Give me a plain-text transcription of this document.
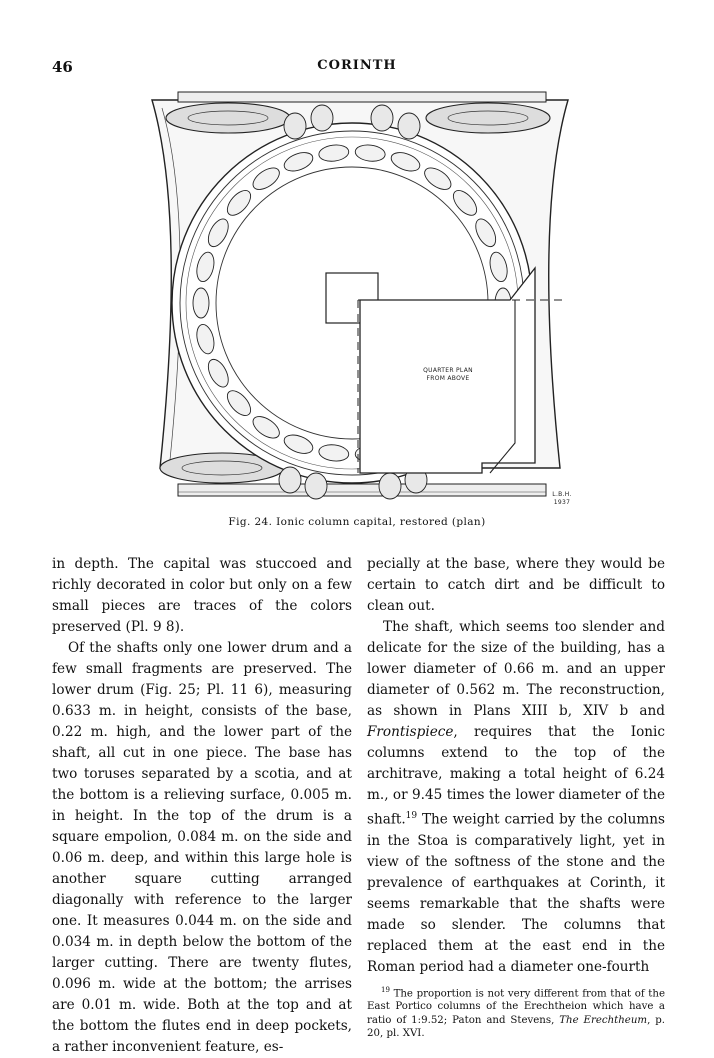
46	CORINTH
QUARTER PLAN
FROM ABOVE
L.B.H.
1937
Fig. 24. Ionic column capital, restored (plan)

in depth. The capital was stuccoed and richly decorated in color but only on a few small pieces are traces of the colors preserved (Pl. 9 8).

Of the shafts only one lower drum and a few small fragments are preserved. The lower drum (Fig. 25; Pl. 11 6), measuring 0.633 m. in height, consists of the base, 0.22 m. high, and the lower part of the shaft, all cut in one piece. The base has two toruses separated by a scotia, and at the bottom is a relieving surface, 0.005 m. in height. In the top of the drum is a square empolion, 0.084 m. on the side and 0.06 m. deep, and within this large hole is another square cutting arranged diagonally with reference to the larger one. It measures 0.044 m. on the side and 0.034 m. in depth below the bottom of the larger cutting. There are twenty flutes, 0.096 m. wide at the bottom; the arrises are 0.01 m. wide. Both at the top and at the bottom the flutes end in deep pockets, a rather inconvenient feature, es-

pecially at the base, where they would be certain to catch dirt and be difficult to clean out.

The shaft, which seems too slender and delicate for the size of the building, has a lower diameter of 0.66 m. and an upper diameter of 0.562 m. The reconstruction, as shown in Plans XIII b, XIV b and Frontispiece, requires that the Ionic columns extend to the top of the architrave, making a total height of 6.24 m., or 9.45 times the lower diameter of the shaft.$^{19}$ The weight carried by the columns in the Stoa is comparatively light, yet in view of the softness of the stone and the prevalence of earthquakes at Corinth, it seems remarkable that the shafts were made so slender. The columns that replaced them at the east end in the Roman period had a diameter one-fourth

$^{19}$ The proportion is not very different from that of the East Portico columns of the Erechtheion which have a ratio of 1:9.52; Paton and Stevens, The Erechtheum, p. 20, pl. XVI.
